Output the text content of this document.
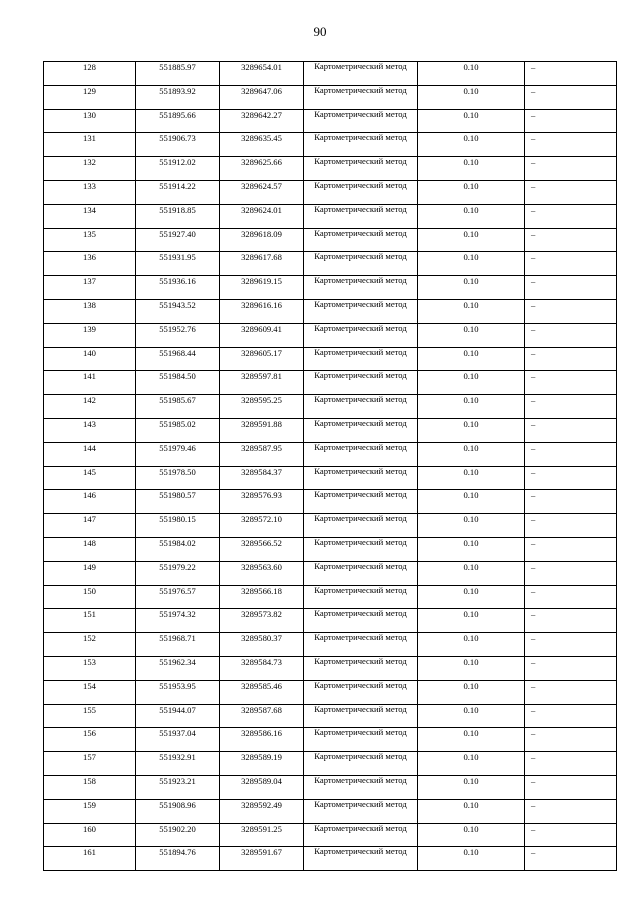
90
128	551885.97	3289654.01	Картометрический метод	0.10	–
129	551893.92	3289647.06	Картометрический метод	0.10	–
130	551895.66	3289642.27	Картометрический метод	0.10	–
131	551906.73	3289635.45	Картометрический метод	0.10	–
132	551912.02	3289625.66	Картометрический метод	0.10	–
133	551914.22	3289624.57	Картометрический метод	0.10	–
134	551918.85	3289624.01	Картометрический метод	0.10	–
135	551927.40	3289618.09	Картометрический метод	0.10	–
136	551931.95	3289617.68	Картометрический метод	0.10	–
137	551936.16	3289619.15	Картометрический метод	0.10	–
138	551943.52	3289616.16	Картометрический метод	0.10	–
139	551952.76	3289609.41	Картометрический метод	0.10	–
140	551968.44	3289605.17	Картометрический метод	0.10	–
141	551984.50	3289597.81	Картометрический метод	0.10	–
142	551985.67	3289595.25	Картометрический метод	0.10	–
143	551985.02	3289591.88	Картометрический метод	0.10	–
144	551979.46	3289587.95	Картометрический метод	0.10	–
145	551978.50	3289584.37	Картометрический метод	0.10	–
146	551980.57	3289576.93	Картометрический метод	0.10	–
147	551980.15	3289572.10	Картометрический метод	0.10	–
148	551984.02	3289566.52	Картометрический метод	0.10	–
149	551979.22	3289563.60	Картометрический метод	0.10	–
150	551976.57	3289566.18	Картометрический метод	0.10	–
151	551974.32	3289573.82	Картометрический метод	0.10	–
152	551968.71	3289580.37	Картометрический метод	0.10	–
153	551962.34	3289584.73	Картометрический метод	0.10	–
154	551953.95	3289585.46	Картометрический метод	0.10	–
155	551944.07	3289587.68	Картометрический метод	0.10	–
156	551937.04	3289586.16	Картометрический метод	0.10	–
157	551932.91	3289589.19	Картометрический метод	0.10	–
158	551923.21	3289589.04	Картометрический метод	0.10	–
159	551908.96	3289592.49	Картометрический метод	0.10	–
160	551902.20	3289591.25	Картометрический метод	0.10	–
161	551894.76	3289591.67	Картометрический метод	0.10	–
